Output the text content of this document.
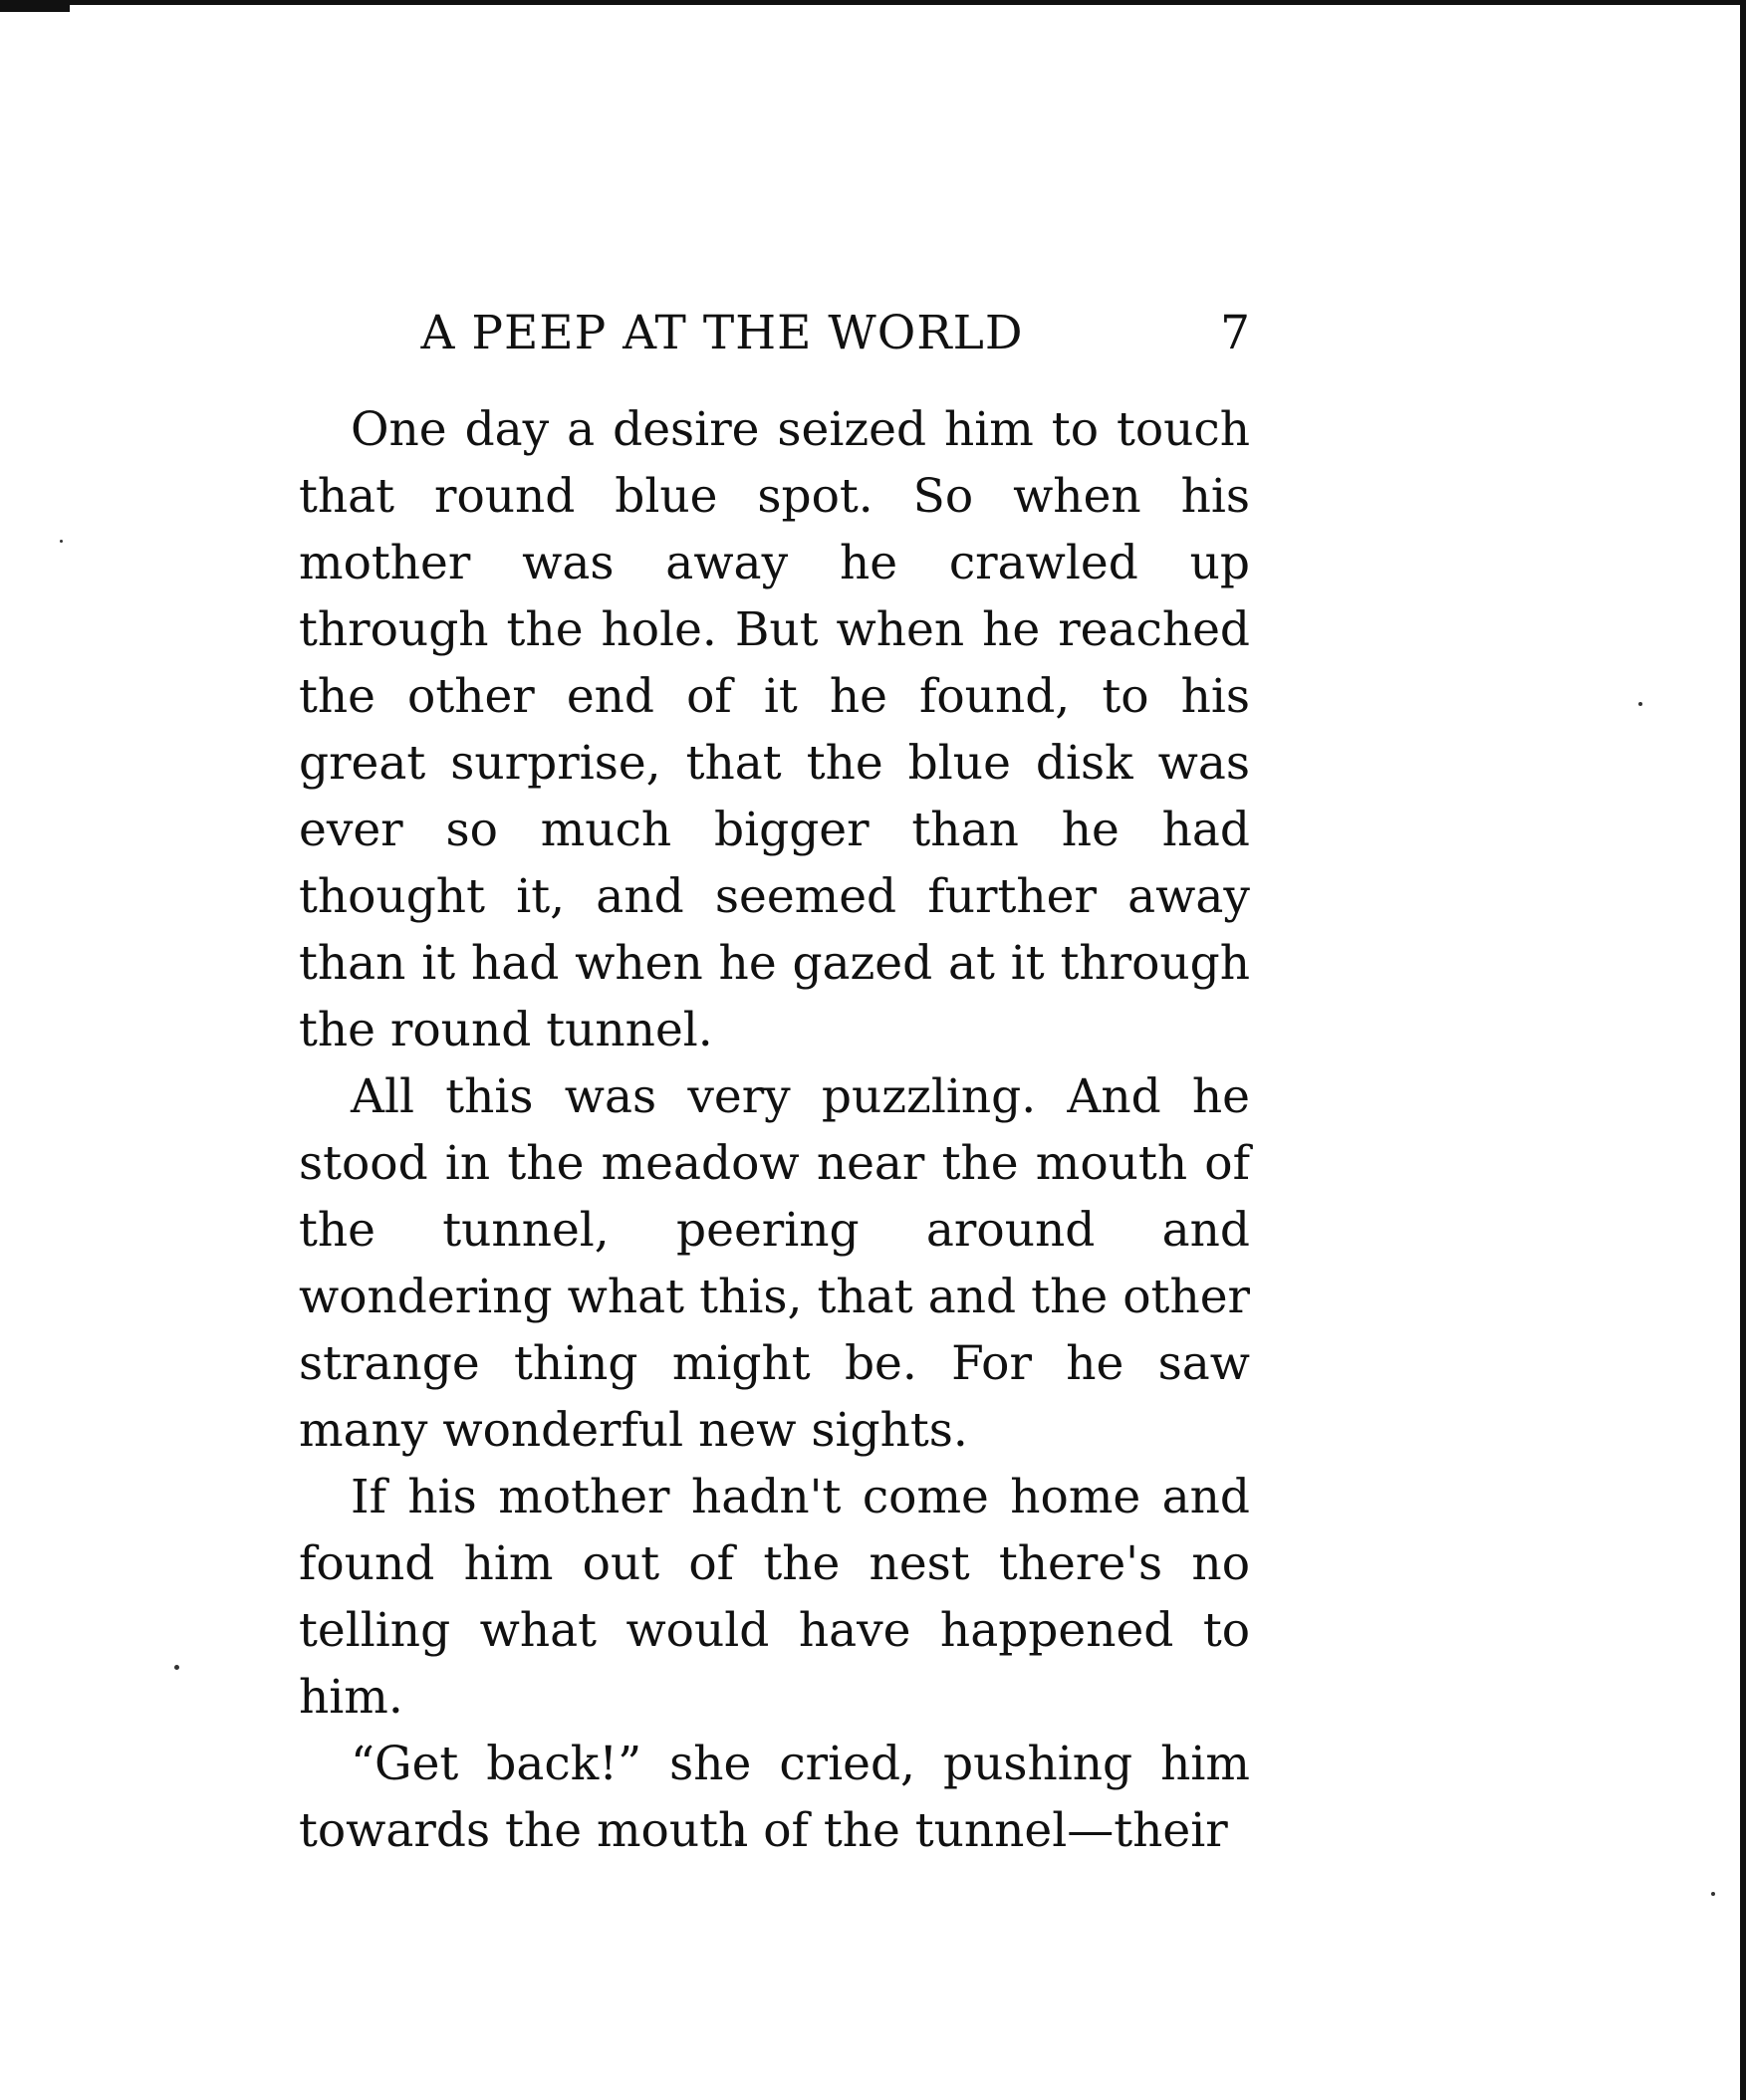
A PEEP AT THE WORLD	7

One day a desire seized him to touch that round blue spot. So when his mother was away he crawled up through the hole. But when he reached the other end of it he found, to his great surprise, that the blue disk was ever so much bigger than he had thought it, and seemed further away than it had when he gazed at it through the round tunnel.

All this was very puzzling. And he stood in the meadow near the mouth of the tunnel, peering around and wondering what this, that and the other strange thing might be. For he saw many wonderful new sights.

If his mother hadn't come home and found him out of the nest there's no telling what would have happened to him.

“Get back!” she cried, pushing him towards the mouth of the tunnel—their
